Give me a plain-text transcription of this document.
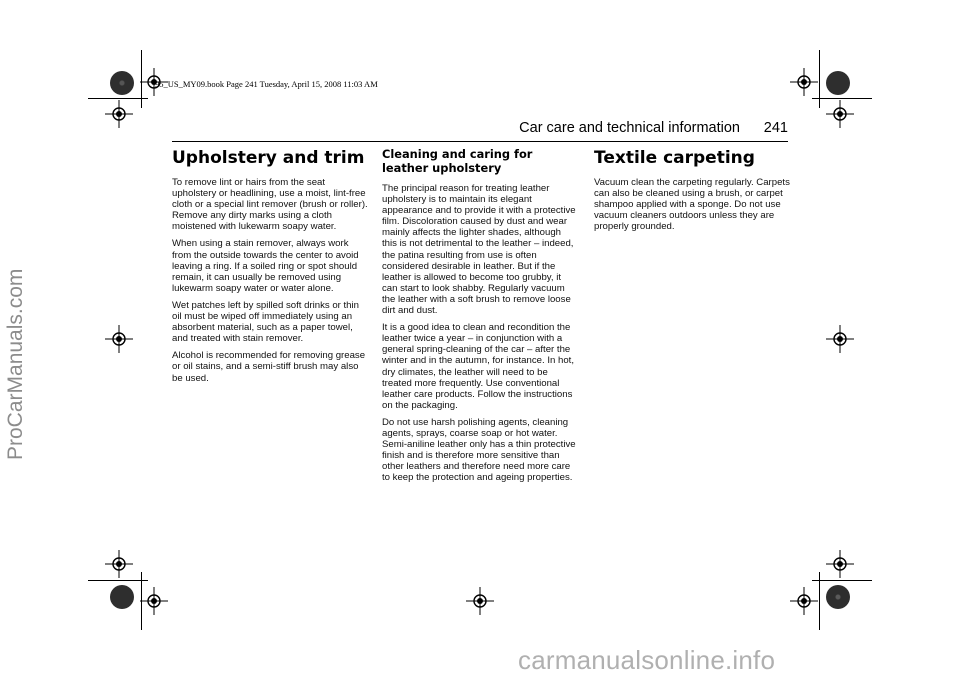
95_US_MY09.book Page 241 Tuesday, April 15, 2008 11:03 AM
ProCarManuals.com
carmanualsonline.info
Car care and technical information 241
Upholstery and trim

To remove lint or hairs from the seat upholstery or headlining, use a moist, lint-free cloth or a special lint remover (brush or roller). Remove any dirty marks using a cloth moistened with lukewarm soapy water.

When using a stain remover, always work from the outside towards the center to avoid leaving a ring. If a soiled ring or spot should remain, it can usually be removed using lukewarm soapy water or water alone.

Wet patches left by spilled soft drinks or thin oil must be wiped off immediately using an absorbent material, such as a paper towel, and treated with stain remover.

Alcohol is recommended for removing grease or oil stains, and a semi-stiff brush may also be used.

Cleaning and caring for leather upholstery

The principal reason for treating leather upholstery is to maintain its elegant appearance and to provide it with a protective film. Discoloration caused by dust and wear mainly affects the lighter shades, although this is not detrimental to the leather – indeed, the patina resulting from use is often considered desirable in leather. But if the leather is allowed to become too grubby, it can start to look shabby. Regularly vacuum the leather with a soft brush to remove loose dirt and dust.

It is a good idea to clean and recondition the leather twice a year – in conjunction with a general spring-cleaning of the car – after the winter and in the autumn, for instance. In hot, dry climates, the leather will need to be treated more frequently. Use conventional leather care products. Follow the instructions on the packaging.

Do not use harsh polishing agents, cleaning agents, sprays, coarse soap or hot water. Semi-aniline leather only has a thin protective finish and is therefore more sensitive than other leathers and therefore need more care to keep the protection and ageing properties.

Textile carpeting

Vacuum clean the carpeting regularly. Carpets can also be cleaned using a brush, or carpet shampoo applied with a sponge. Do not use vacuum cleaners outdoors unless they are properly grounded.
